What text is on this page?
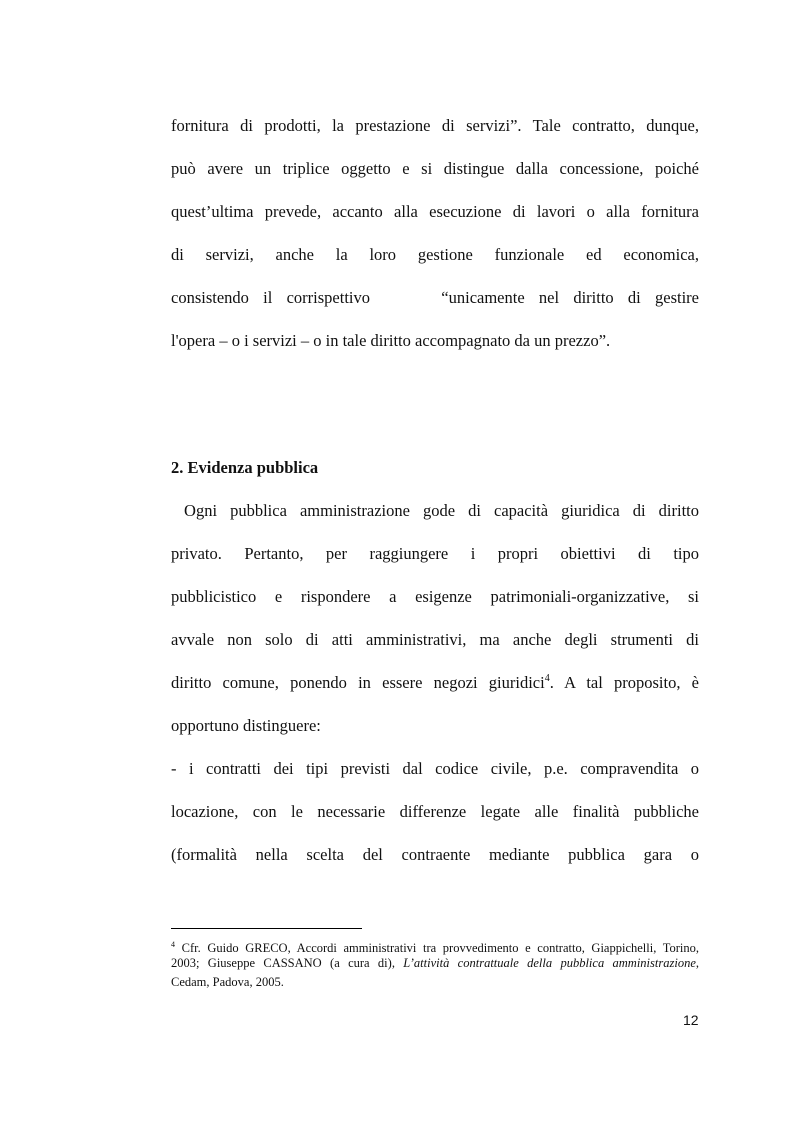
fornitura di prodotti, la prestazione di servizi”. Tale contratto, dunque,
può avere un triplice oggetto e si distingue dalla concessione, poiché
quest’ultima prevede, accanto alla esecuzione di lavori o alla fornitura
di servizi, anche la loro gestione funzionale ed economica,
consistendo il corrispettivo     “unicamente nel diritto di gestire
l'opera – o i servizi – o in tale diritto accompagnato da un prezzo”.
2. Evidenza pubblica
Ogni pubblica amministrazione gode di capacità giuridica di diritto
privato. Pertanto, per raggiungere i propri obiettivi di tipo
pubblicistico e rispondere a esigenze patrimoniali-organizzative, si
avvale non solo di atti amministrativi, ma anche degli strumenti di
diritto comune, ponendo in essere negozi giuridici$^4$. A tal proposito, è
opportuno distinguere:
- i contratti dei tipi previsti dal codice civile, p.e. compravendita o
locazione, con le necessarie differenze legate alle finalità pubbliche
(formalità nella scelta del contraente mediante pubblica gara o
$^4$ Cfr. Guido GRECO, Accordi amministrativi tra provvedimento e contratto, Giappichelli, Torino,
2003; Giuseppe CASSANO (a cura di), L’attività contrattuale della pubblica amministrazione,
Cedam, Padova, 2005.
12
